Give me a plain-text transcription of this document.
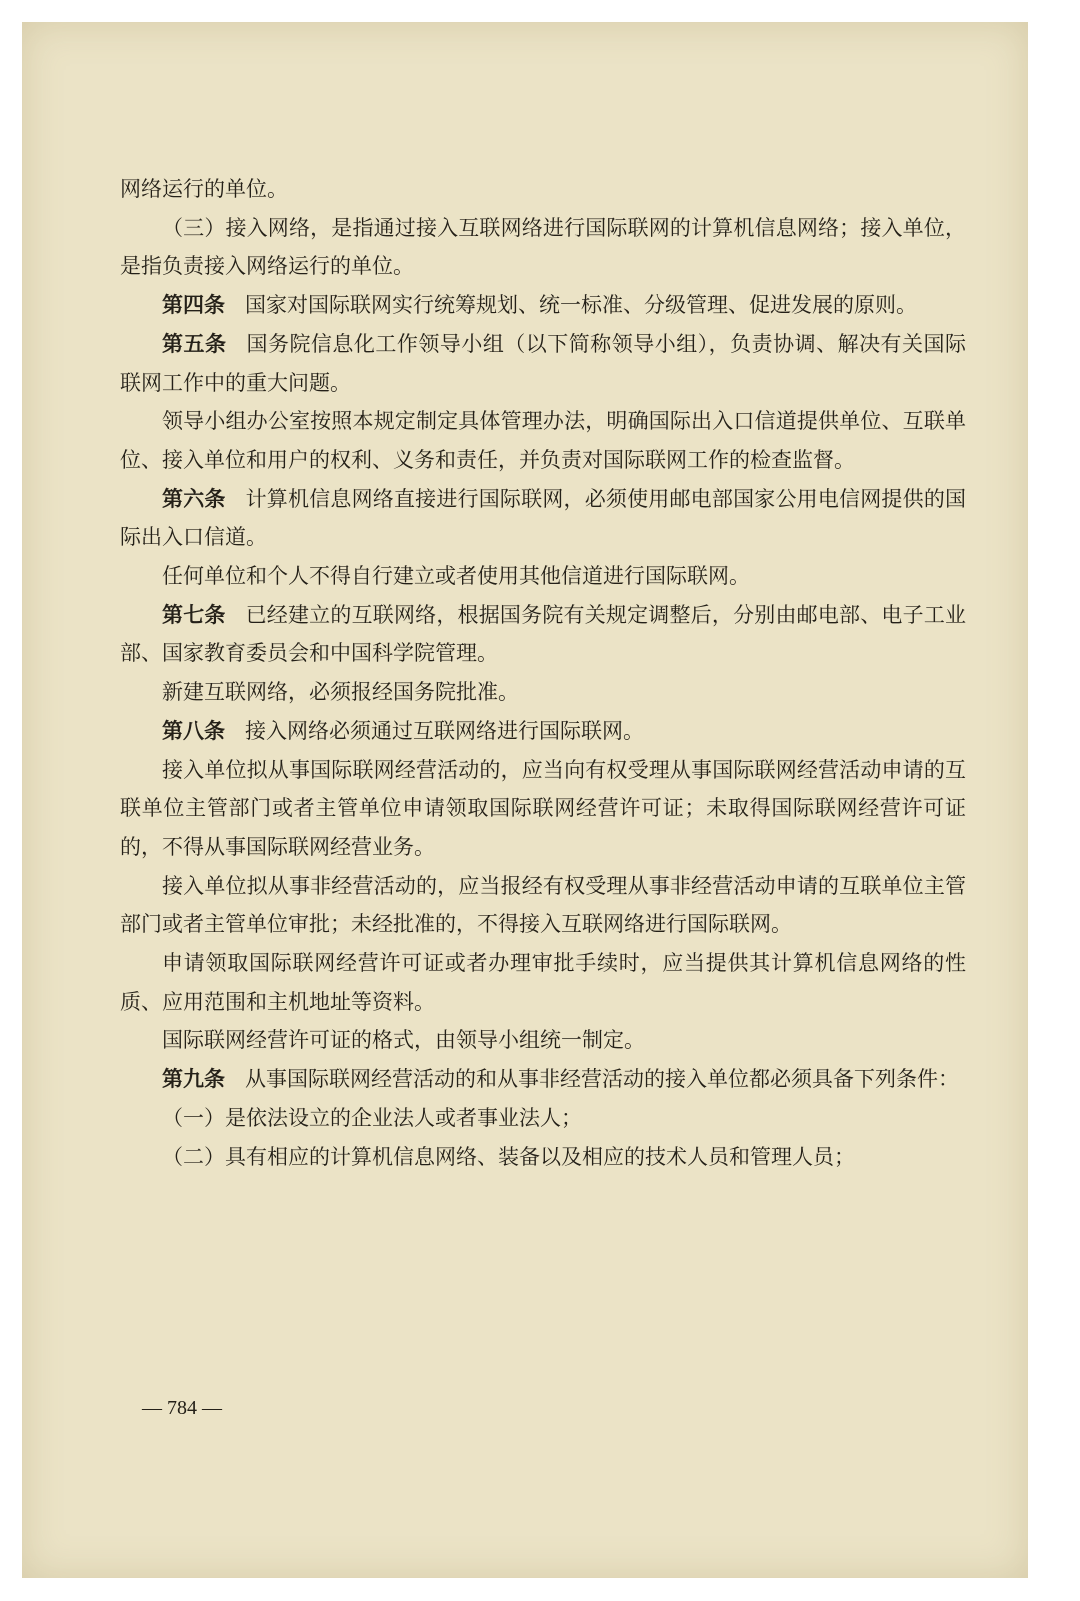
网络运行的单位。

（三）接入网络，是指通过接入互联网络进行国际联网的计算机信息网络；接入单位，是指负责接入网络运行的单位。

第四条 国家对国际联网实行统筹规划、统一标准、分级管理、促进发展的原则。

第五条 国务院信息化工作领导小组（以下简称领导小组），负责协调、解决有关国际联网工作中的重大问题。

领导小组办公室按照本规定制定具体管理办法，明确国际出入口信道提供单位、互联单位、接入单位和用户的权利、义务和责任，并负责对国际联网工作的检查监督。

第六条 计算机信息网络直接进行国际联网，必须使用邮电部国家公用电信网提供的国际出入口信道。

任何单位和个人不得自行建立或者使用其他信道进行国际联网。

第七条 已经建立的互联网络，根据国务院有关规定调整后，分别由邮电部、电子工业部、国家教育委员会和中国科学院管理。

新建互联网络，必须报经国务院批准。

第八条 接入网络必须通过互联网络进行国际联网。

接入单位拟从事国际联网经营活动的，应当向有权受理从事国际联网经营活动申请的互联单位主管部门或者主管单位申请领取国际联网经营许可证；未取得国际联网经营许可证的，不得从事国际联网经营业务。

接入单位拟从事非经营活动的，应当报经有权受理从事非经营活动申请的互联单位主管部门或者主管单位审批；未经批准的，不得接入互联网络进行国际联网。

申请领取国际联网经营许可证或者办理审批手续时，应当提供其计算机信息网络的性质、应用范围和主机地址等资料。

国际联网经营许可证的格式，由领导小组统一制定。

第九条 从事国际联网经营活动的和从事非经营活动的接入单位都必须具备下列条件：

（一）是依法设立的企业法人或者事业法人；

（二）具有相应的计算机信息网络、装备以及相应的技术人员和管理人员；

— 784 —
